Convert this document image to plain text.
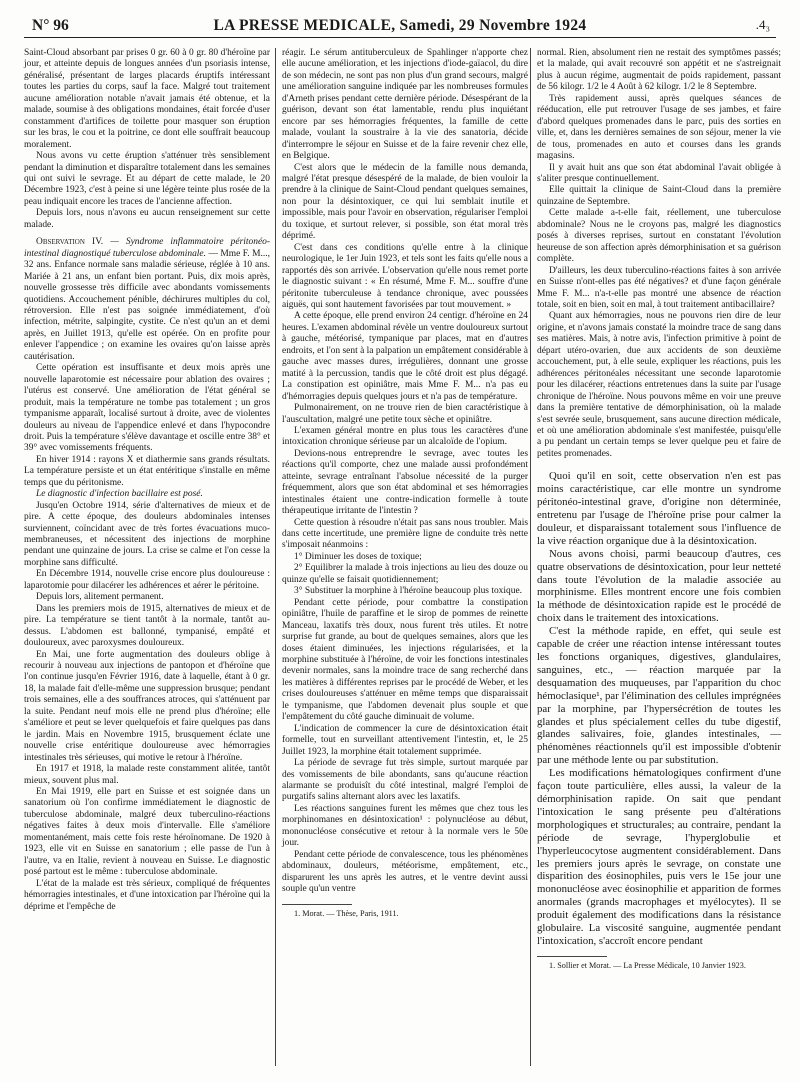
N° 96	LA PRESSE MEDICALE, Samedi, 29 Novembre 1924	.4₃

Saint-Cloud absorbant par prises 0 gr. 60 à 0 gr. 80 d'héroïne par jour, et atteinte depuis de longues années d'un psoriasis intense, généralisé, présentant de larges placards éruptifs intéressant toutes les parties du corps, sauf la face. Malgré tout traitement aucune amélioration notable n'avait jamais été obtenue, et la malade, soumise à des obligations mondaines, était forcée d'user constamment d'artifices de toilette pour masquer son éruption sur les bras, le cou et la poitrine, ce dont elle souffrait beaucoup moralement.

Nous avons vu cette éruption s'atténuer très sensiblement pendant la diminution et disparaître totalement dans les semaines qui ont suivi le sevrage. Et au départ de cette malade, le 20 Décembre 1923, c'est à peine si une légère teinte plus rosée de la peau indiquait encore les traces de l'ancienne affection.

Depuis lors, nous n'avons eu aucun renseignement sur cette malade.

Observation IV. — Syndrome inflammatoire péritonéo-intestinal diagnostiqué tuberculose abdominale. — Mme F. M..., 32 ans. Enfance normale sans maladie sérieuse, réglée à 10 ans. Mariée à 21 ans, un enfant bien portant. Puis, dix mois après, nouvelle grossesse très difficile avec abondants vomissements quotidiens. Accouchement pénible, déchirures multiples du col, rétroversion. Elle n'est pas soignée immédiatement, d'où infection, métrite, salpingite, cystite. Ce n'est qu'un an et demi après, en Juillet 1913, qu'elle est opérée. On en profite pour enlever l'appendice ; on examine les ovaires qu'on laisse après cautérisation.

Cette opération est insuffisante et deux mois après une nouvelle laparotomie est nécessaire pour ablation des ovaires ; l'utérus est conservé. Une amélioration de l'état général se produit, mais la température ne tombe pas totalement ; un gros tympanisme apparaît, localisé surtout à droite, avec de violentes douleurs au niveau de l'appendice enlevé et dans l'hypocondre droit. Puis la température s'élève davantage et oscille entre 38° et 39° avec vomissements fréquents.

En hiver 1914 : rayons X et diathermie sans grands résultats. La température persiste et un état entéritique s'installe en même temps que du péritonisme.

Le diagnostic d'infection bacillaire est posé.

Jusqu'en Octobre 1914, série d'alternatives de mieux et de pire. A cette époque, des douleurs abdominales intenses surviennent, coïncidant avec de très fortes évacuations muco-membraneuses, et nécessitent des injections de morphine pendant une quinzaine de jours. La crise se calme et l'on cesse la morphine sans difficulté.

En Décembre 1914, nouvelle crise encore plus douloureuse : laparotomie pour dilacérer les adhérences et aérer le péritoine.

Depuis lors, alitement permanent.

Dans les premiers mois de 1915, alternatives de mieux et de pire. La température se tient tantôt à la normale, tantôt au-dessus. L'abdomen est ballonné, tympanisé, empâté et douloureux, avec paroxysmes douloureux.

En Mai, une forte augmentation des douleurs oblige à recourir à nouveau aux injections de pantopon et d'héroïne que l'on continue jusqu'en Février 1916, date à laquelle, étant à 0 gr. 18, la malade fait d'elle-même une suppression brusque; pendant trois semaines, elle a des souffrances atroces, qui s'atténuent par la suite. Pendant neuf mois elle ne prend plus d'héroïne; elle s'améliore et peut se lever quelquefois et faire quelques pas dans le jardin. Mais en Novembre 1915, brusquement éclate une nouvelle crise entéritique douloureuse avec hémorragies intestinales très sérieuses, qui motive le retour à l'héroïne.

En 1917 et 1918, la malade reste constamment alitée, tantôt mieux, souvent plus mal.

En Mai 1919, elle part en Suisse et est soignée dans un sanatorium où l'on confirme immédiatement le diagnostic de tuberculose abdominale, malgré deux tuberculino-réactions négatives faites à deux mois d'intervalle. Elle s'améliore momentanément, mais cette fois reste héroïnomane. De 1920 à 1923, elle vit en Suisse en sanatorium ; elle passe de l'un à l'autre, va en Italie, revient à nouveau en Suisse. Le diagnostic posé partout est le même : tuberculose abdominale.

L'état de la malade est très sérieux, compliqué de fréquentes hémorragies intestinales, et d'une intoxication par l'héroïne qui la déprime et l'empêche de

réagir. Le sérum antituberculeux de Spahlinger n'apporte chez elle aucune amélioration, et les injections d'iode-gaïacol, du dire de son médecin, ne sont pas non plus d'un grand secours, malgré une amélioration sanguine indiquée par les nombreuses formules d'Arneth prises pendant cette dernière période. Désespérant de la guérison, devant son état lamentable, rendu plus inquiétant encore par ses hémorragies fréquentes, la famille de cette malade, voulant la soustraire à la vie des sanatoria, décide d'interrompre le séjour en Suisse et de la faire revenir chez elle, en Belgique.

C'est alors que le médecin de la famille nous demanda, malgré l'état presque désespéré de la malade, de bien vouloir la prendre à la clinique de Saint-Cloud pendant quelques semaines, non pour la désintoxiquer, ce qui lui semblait inutile et impossible, mais pour l'avoir en observation, régulariser l'emploi du toxique, et surtout relever, si possible, son état moral très déprimé.

C'est dans ces conditions qu'elle entre à la clinique neurologique, le 1er Juin 1923, et tels sont les faits qu'elle nous a rapportés dès son arrivée. L'observation qu'elle nous remet porte le diagnostic suivant : « En résumé, Mme F. M... souffre d'une péritonite tuberculeuse à tendance chronique, avec poussées aiguës, qui sont hautement favorisées par tout mouvement. »

A cette époque, elle prend environ 24 centigr. d'héroïne en 24 heures. L'examen abdominal révèle un ventre douloureux surtout à gauche, météorisé, tympanique par places, mat en d'autres endroits, et l'on sent à la palpation un empâtement considérable à gauche avec masses dures, irrégulières, donnant une grosse matité à la percussion, tandis que le côté droit est plus dégagé. La constipation est opiniâtre, mais Mme F. M... n'a pas eu d'hémorragies depuis quelques jours et n'a pas de température.

Pulmonairement, on ne trouve rien de bien caractéristique à l'auscultation, malgré une petite toux sèche et opiniâtre.

L'examen général montre en plus tous les caractères d'une intoxication chronique sérieuse par un alcaloïde de l'opium.

Devions-nous entreprendre le sevrage, avec toutes les réactions qu'il comporte, chez une malade aussi profondément atteinte, sevrage entraînant l'absolue nécessité de la purger fréquemment, alors que son état abdominal et ses hémorragies intestinales étaient une contre-indication formelle à toute thérapeutique irritante de l'intestin ?

Cette question à résoudre n'était pas sans nous troubler. Mais dans cette incertitude, une première ligne de conduite très nette s'imposait néanmoins :

1° Diminuer les doses de toxique;

2° Equilibrer la malade à trois injections au lieu des douze ou quinze qu'elle se faisait quotidiennement;

3° Substituer la morphine à l'héroïne beaucoup plus toxique.

Pendant cette période, pour combattre la constipation opiniâtre, l'huile de paraffine et le sirop de pommes de reinette Manceau, laxatifs très doux, nous furent très utiles. Et notre surprise fut grande, au bout de quelques semaines, alors que les doses étaient diminuées, les injections régularisées, et la morphine substituée à l'héroïne, de voir les fonctions intestinales devenir normales, sans la moindre trace de sang recherché dans les matières à différentes reprises par le procédé de Weber, et les crises douloureuses s'atténuer en même temps que disparaissait le tympanisme, que l'abdomen devenait plus souple et que l'empâtement du côté gauche diminuait de volume.

L'indication de commencer la cure de désintoxication était formelle, tout en surveillant attentivement l'intestin, et, le 25 Juillet 1923, la morphine était totalement supprimée.

La période de sevrage fut très simple, surtout marquée par des vomissements de bile abondants, sans qu'aucune réaction alarmante se produisît du côté intestinal, malgré l'emploi de purgatifs salins alternant alors avec les laxatifs.

Les réactions sanguines furent les mêmes que chez tous les morphinomanes en désintoxication¹ : polynucléose au début, mononucléose consécutive et retour à la normale vers le 50e jour.

Pendant cette période de convalescence, tous les phénomènes abdominaux, douleurs, météorisme, empâtement, etc., disparurent les uns après les autres, et le ventre devint aussi souple qu'un ventre

1. Morat. — Thèse, Paris, 1911.

normal. Rien, absolument rien ne restait des symptômes passés; et la malade, qui avait recouvré son appétit et ne s'astreignait plus à aucun régime, augmentait de poids rapidement, passant de 56 kilogr. 1/2 le 4 Août à 62 kilogr. 1/2 le 8 Septembre.

Très rapidement aussi, après quelques séances de rééducation, elle put retrouver l'usage de ses jambes, et faire d'abord quelques promenades dans le parc, puis des sorties en ville, et, dans les dernières semaines de son séjour, mener la vie de tous, promenades en auto et courses dans les grands magasins.

Il y avait huit ans que son état abdominal l'avait obligée à s'aliter presque continuellement.

Elle quittait la clinique de Saint-Cloud dans la première quinzaine de Septembre.

Cette malade a-t-elle fait, réellement, une tuberculose abdominale? Nous ne le croyons pas, malgré les diagnostics posés à diverses reprises, surtout en constatant l'évolution heureuse de son affection après démorphinisation et sa guérison complète.

D'ailleurs, les deux tuberculino-réactions faites à son arrivée en Suisse n'ont-elles pas été négatives? et d'une façon générale Mme F. M... n'a-t-elle pas montré une absence de réaction totale, soit en bien, soit en mal, à tout traitement antibacillaire?

Quant aux hémorragies, nous ne pouvons rien dire de leur origine, et n'avons jamais constaté la moindre trace de sang dans ses matières. Mais, à notre avis, l'infection primitive à point de départ utéro-ovarien, due aux accidents de son deuxième accouchement, put, à elle seule, expliquer les réactions, puis les adhérences péritonéales nécessitant une seconde laparotomie pour les dilacérer, réactions entretenues dans la suite par l'usage chronique de l'héroïne. Nous pouvons même en voir une preuve dans la première tentative de démorphinisation, où la malade s'est sevrée seule, brusquement, sans aucune direction médicale, et où une amélioration abdominale s'est manifestée, puisqu'elle a pu pendant un certain temps se lever quelque peu et faire de petites promenades.

Quoi qu'il en soit, cette observation n'en est pas moins caractéristique, car elle montre un syndrome péritonéo-intestinal grave, d'origine non déterminée, entretenu par l'usage de l'héroïne prise pour calmer la douleur, et disparaissant totalement sous l'influence de la vive réaction organique due à la désintoxication.

Nous avons choisi, parmi beaucoup d'autres, ces quatre observations de désintoxication, pour leur netteté dans toute l'évolution de la maladie associée au morphinisme. Elles montrent encore une fois combien la méthode de désintoxication rapide est le procédé de choix dans le traitement des intoxications.

C'est la méthode rapide, en effet, qui seule est capable de créer une réaction intense intéressant toutes les fonctions organiques, digestives, glandulaires, sanguines, etc., — réaction marquée par la desquamation des muqueuses, par l'apparition du choc hémoclasique¹, par l'élimination des cellules imprégnées par la morphine, par l'hypersécrétion de toutes les glandes et plus spécialement celles du tube digestif, glandes salivaires, foie, glandes intestinales, — phénomènes réactionnels qu'il est impossible d'obtenir par une méthode lente ou par substitution.

Les modifications hématologiques confirment d'une façon toute particulière, elles aussi, la valeur de la démorphinisation rapide. On sait que pendant l'intoxication le sang présente peu d'altérations morphologiques et structurales; au contraire, pendant la période de sevrage, l'hyperglobulie et l'hyperleucocytose augmentent considérablement. Dans les premiers jours après le sevrage, on constate une disparition des éosinophiles, puis vers le 15e jour une mononucléose avec éosinophilie et apparition de formes anormales (grands macrophages et myélocytes). Il se produit également des modifications dans la résistance globulaire. La viscosité sanguine, augmentée pendant l'intoxication, s'accroît encore pendant

1. Sollier et Morat. — La Presse Médicale, 10 Janvier 1923.
